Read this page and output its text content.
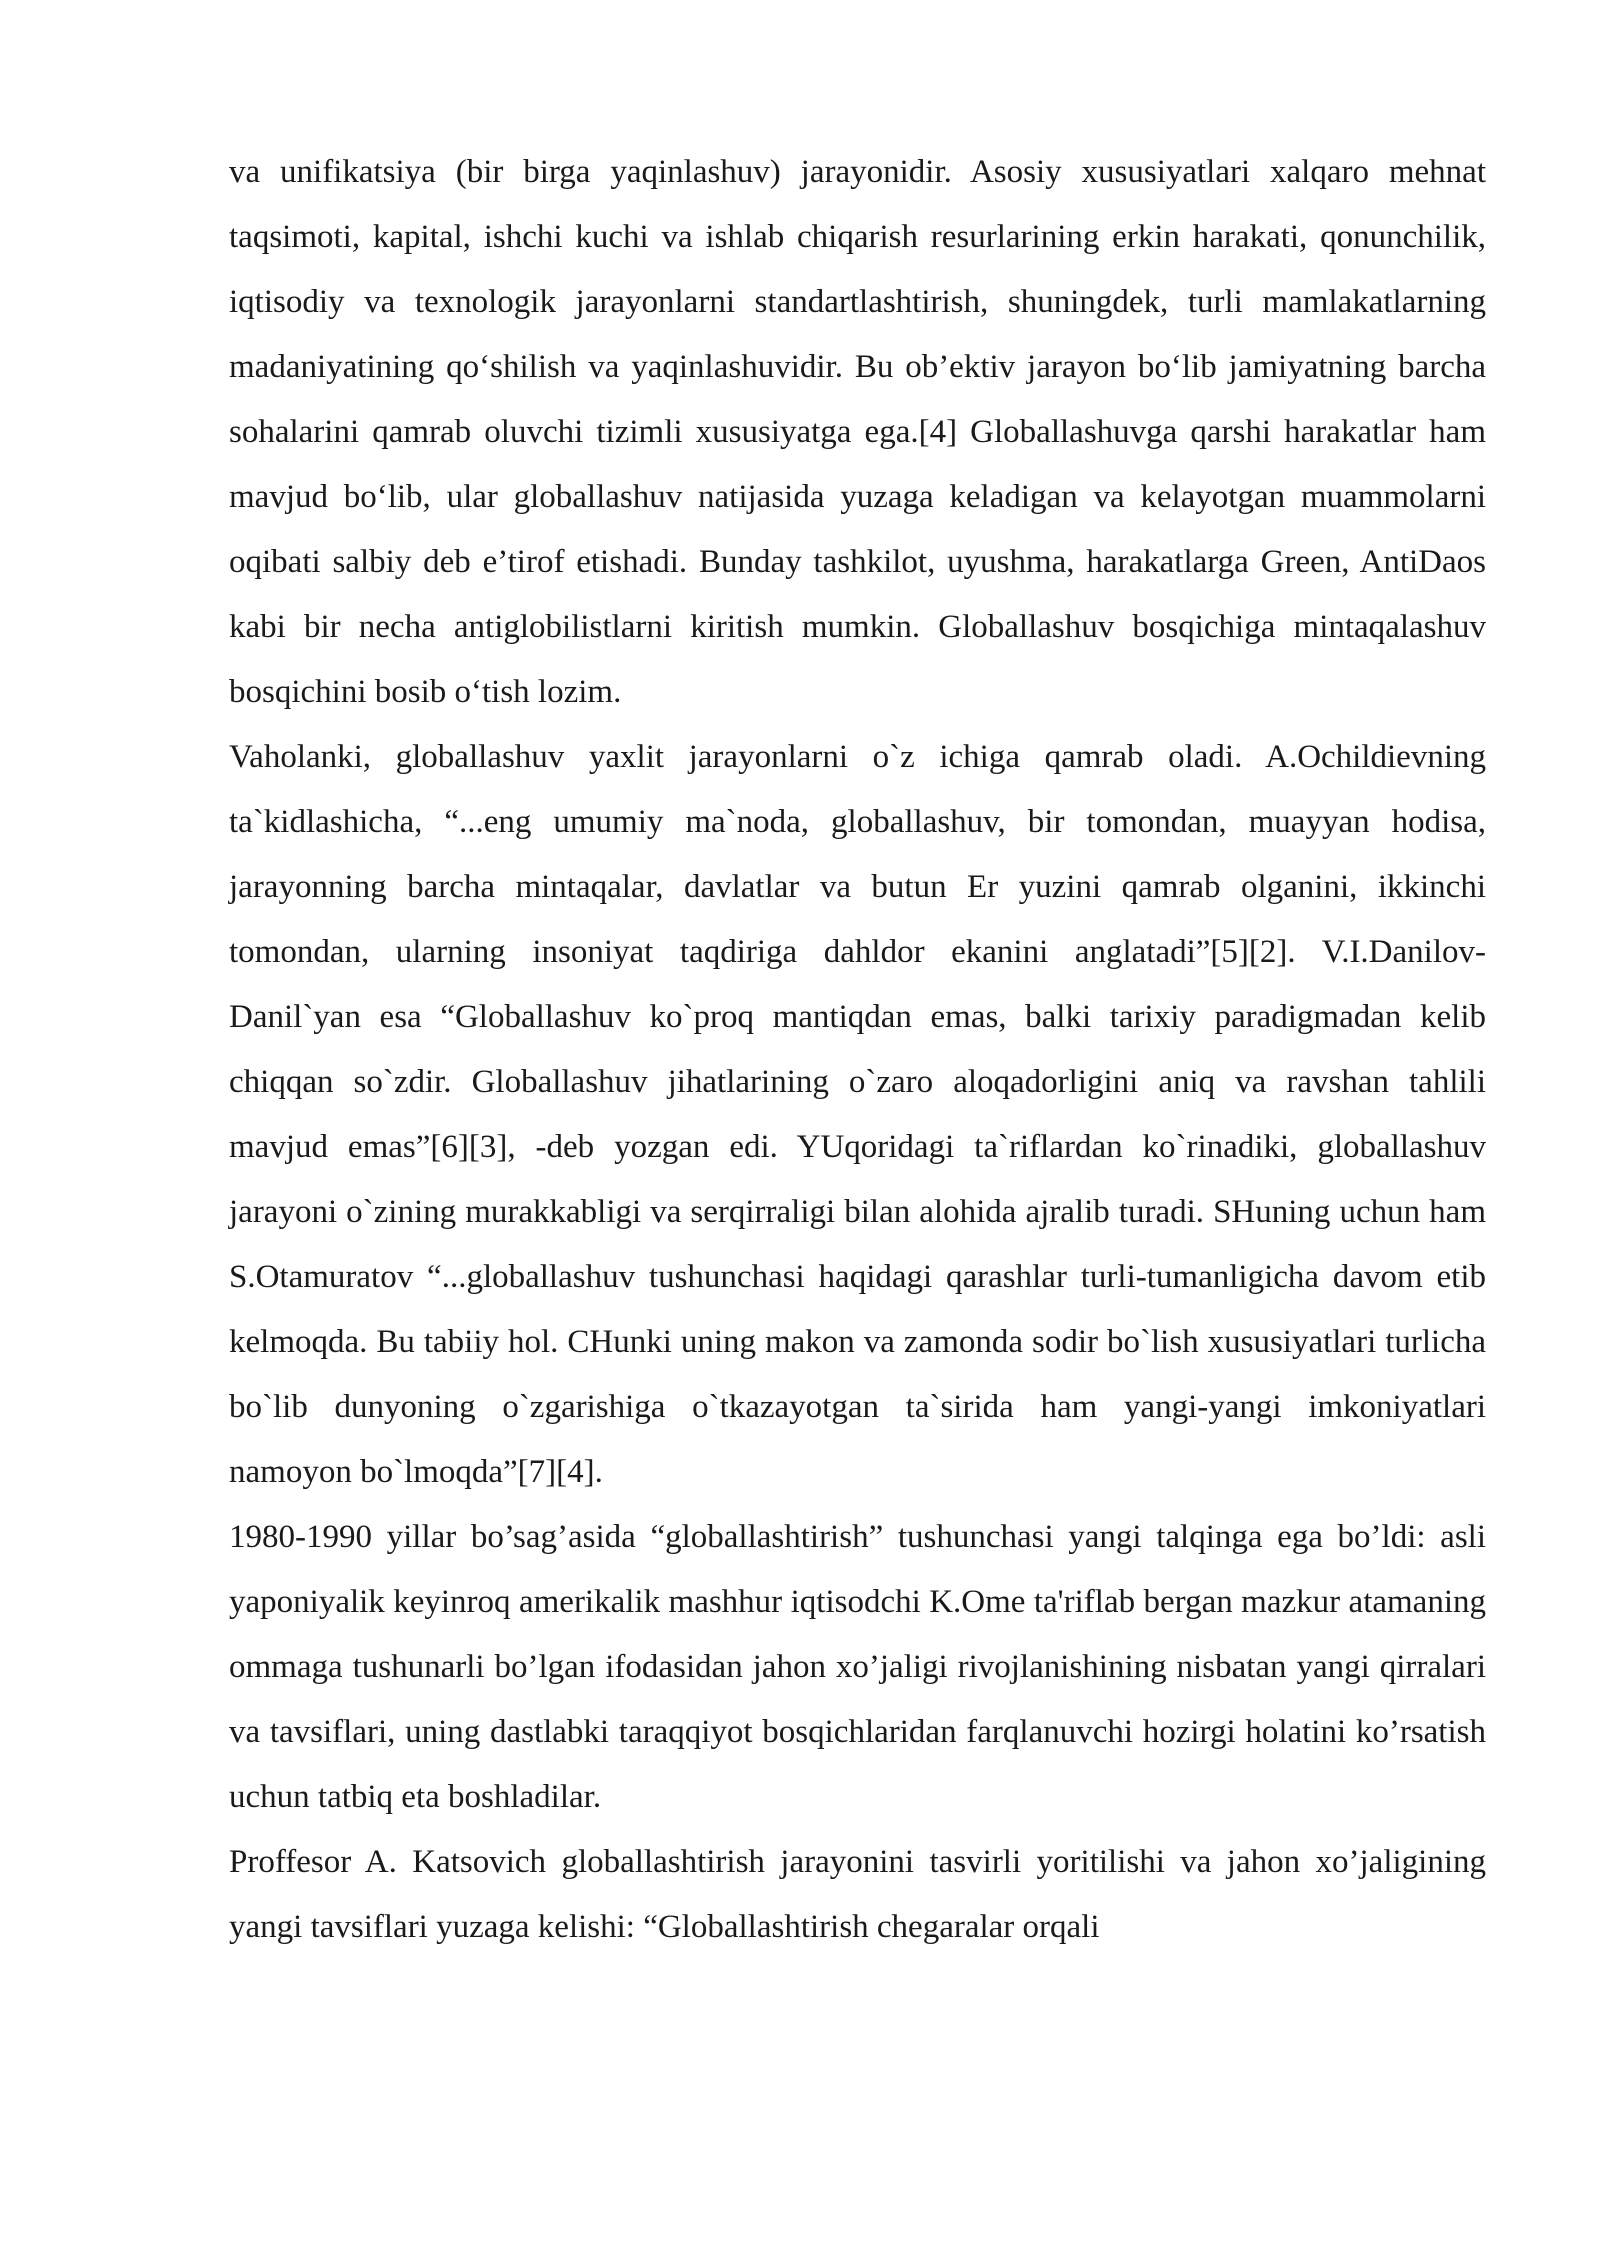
va unifikatsiya (bir birga yaqinlashuv) jarayonidir. Asosiy xususiyatlari xalqaro mehnat taqsimoti, kapital, ishchi kuchi va ishlab chiqarish resurlarining erkin harakati, qonunchilik, iqtisodiy va texnologik jarayonlarni standartlashtirish, shuningdek, turli mamlakatlarning madaniyatining qo‘shilish va yaqinlashuvidir. Bu ob’ektiv jarayon bo‘lib jamiyatning barcha sohalarini qamrab oluvchi tizimli xususiyatga ega.[4] Globallashuvga qarshi harakatlar ham mavjud bo‘lib, ular globallashuv natijasida yuzaga keladigan va kelayotgan muammolarni oqibati salbiy deb e’tirof etishadi. Bunday tashkilot, uyushma, harakatlarga Green, AntiDaos kabi bir necha antiglobilistlarni kiritish mumkin. Globallashuv bosqichiga mintaqalashuv bosqichini bosib o‘tish lozim.

Vaholanki, globallashuv yaxlit jarayonlarni o`z ichiga qamrab oladi. A.Ochildievning ta`kidlashicha, “...eng umumiy ma`noda, globallashuv, bir tomondan, muayyan hodisa, jarayonning barcha mintaqalar, davlatlar va butun Er yuzini qamrab olganini, ikkinchi tomondan, ularning insoniyat taqdiriga dahldor ekanini anglatadi”[5][2]. V.I.Danilov-Danil`yan esa “Globallashuv ko`proq mantiqdan emas, balki tarixiy paradigmadan kelib chiqqan so`zdir. Globallashuv jihatlarining o`zaro aloqadorligini aniq va ravshan tahlili mavjud emas”[6][3], -deb yozgan edi. YUqoridagi ta`riflardan ko`rinadiki, globallashuv jarayoni o`zining murakkabligi va serqirraligi bilan alohida ajralib turadi. SHuning uchun ham S.Otamuratov “...globallashuv tushunchasi haqidagi qarashlar turli-tumanligicha davom etib kelmoqda. Bu tabiiy hol. CHunki uning makon va zamonda sodir bo`lish xususiyatlari turlicha bo`lib dunyoning o`zgarishiga o`tkazayotgan ta`sirida ham yangi-yangi imkoniyatlari namoyon bo`lmoqda”[7][4].

1980-1990 yillar bo’sag’asida “globallashtirish” tushunchasi yangi talqinga ega bo’ldi: asli yaponiyalik keyinroq amerikalik mashhur iqtisodchi K.Ome ta'riflab bergan mazkur atamaning ommaga tushunarli bo’lgan ifodasidan jahon xo’jaligi rivojlanishining nisbatan yangi qirralari va tavsiflari, uning dastlabki taraqqiyot bosqichlaridan farqlanuvchi hozirgi holatini ko’rsatish uchun tatbiq eta boshladilar.

Proffesor A. Katsovich globallashtirish jarayonini tasvirli yoritilishi va jahon xo’jaligining yangi tavsiflari yuzaga kelishi: “Globallashtirish chegaralar orqali
